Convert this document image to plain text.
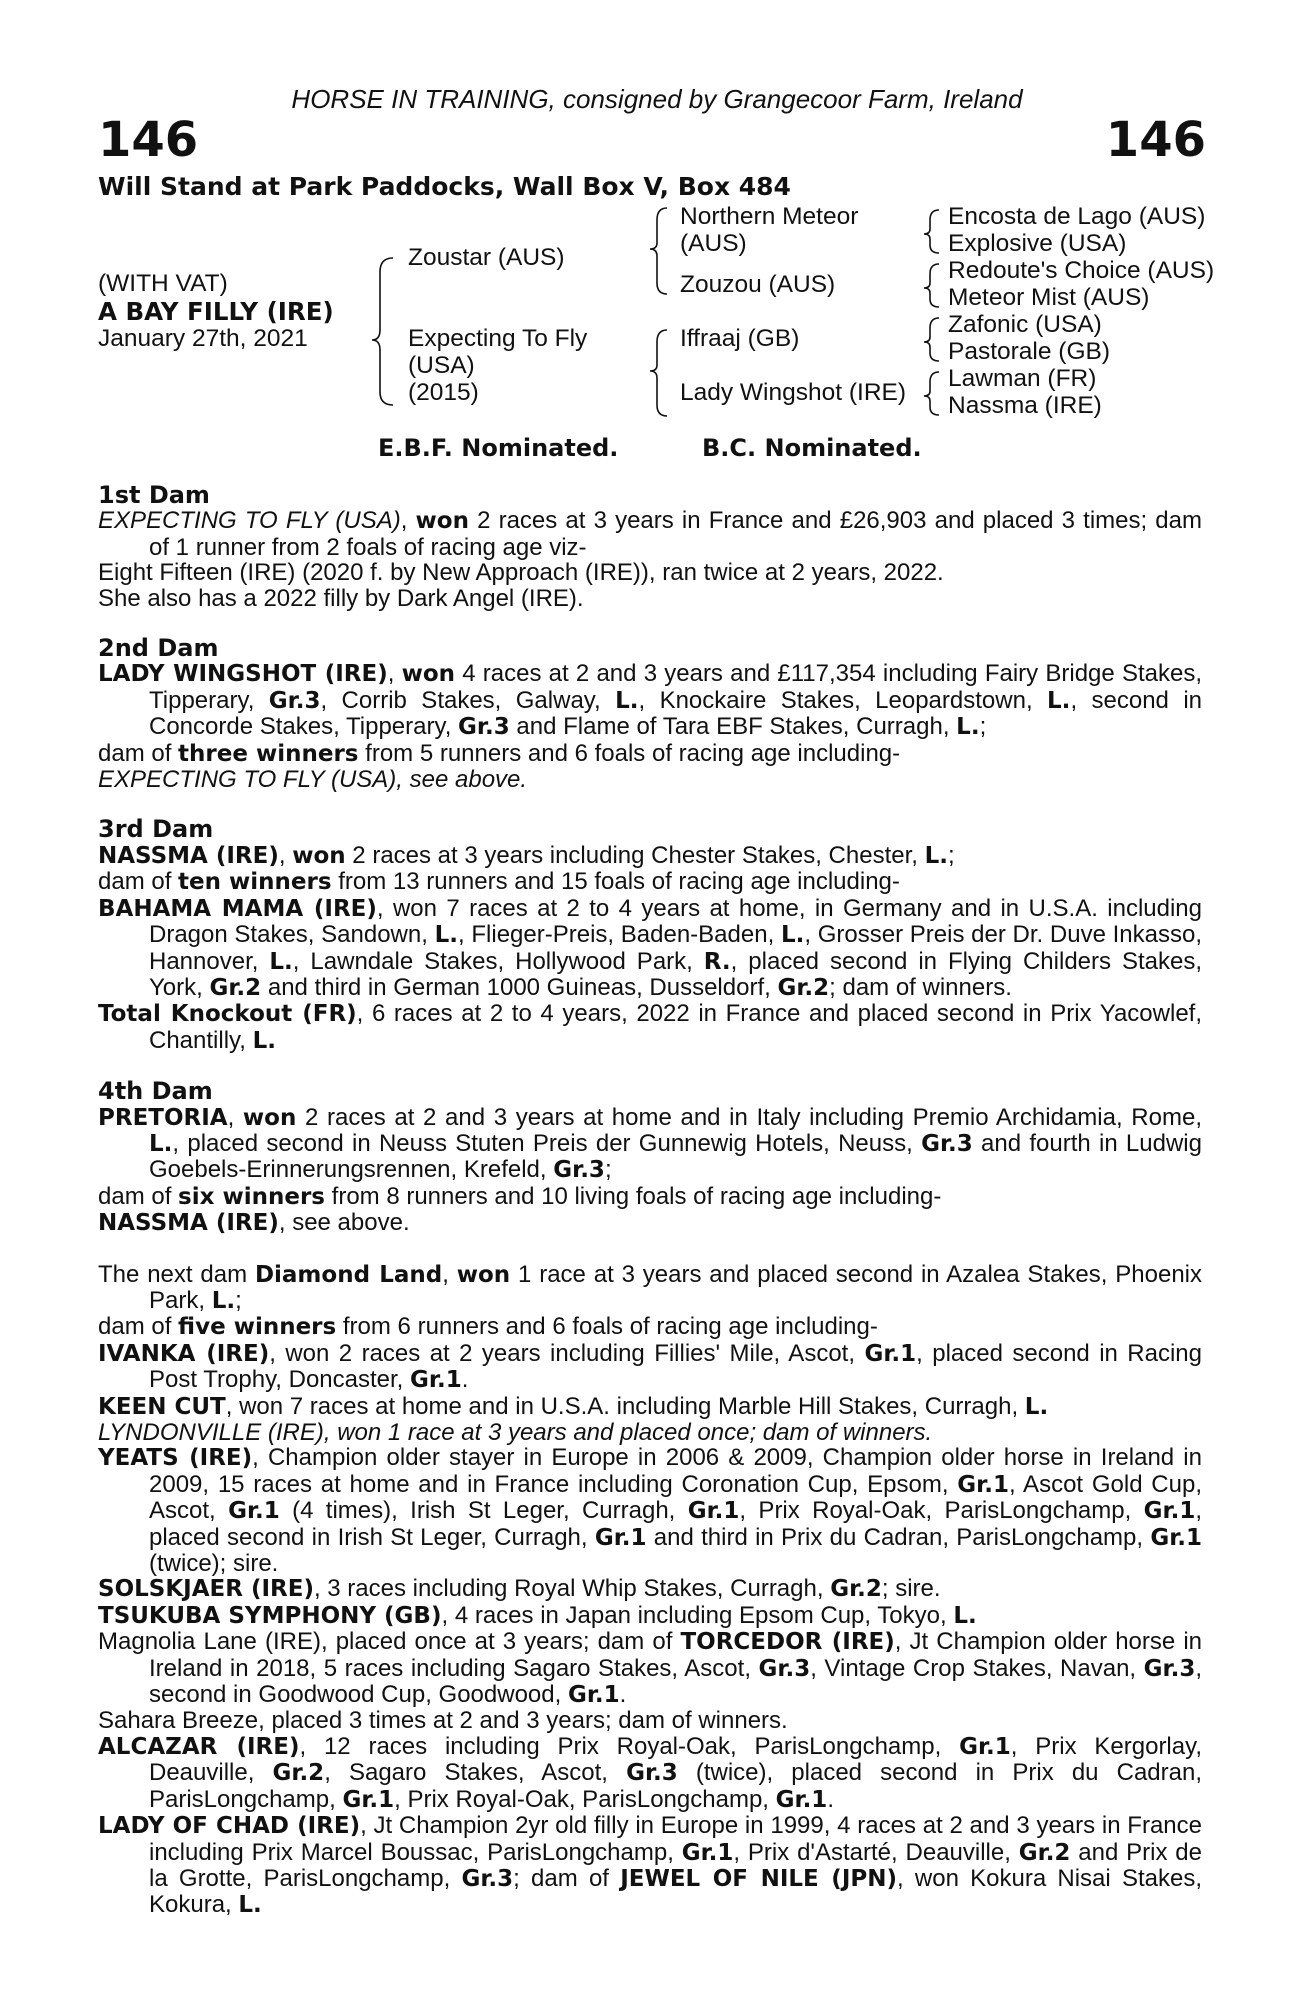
HORSE IN TRAINING, consigned by Grangecoor Farm, Ireland
146	146
Will Stand at Park Paddocks, Wall Box V, Box 484
(WITH VAT)
A BAY FILLY (IRE)
January 27th, 2021
Zoustar (AUS)
Expecting To Fly
(USA)
(2015)
Northern Meteor
(AUS)
Zouzou (AUS)
Iffraaj (GB)
Lady Wingshot (IRE)
Encosta de Lago (AUS)
Explosive (USA)
Redoute's Choice (AUS)
Meteor Mist (AUS)
Zafonic (USA)
Pastorale (GB)
Lawman (FR)
Nassma (IRE)
E.B.F. Nominated.	B.C. Nominated.
1st Dam

EXPECTING TO FLY (USA), won 2 races at 3 years in France and £26,903 and placed 3 times; dam of 1 runner from 2 foals of racing age viz-

Eight Fifteen (IRE) (2020 f. by New Approach (IRE)), ran twice at 2 years, 2022.

She also has a 2022 filly by Dark Angel (IRE).

2nd Dam

LADY WINGSHOT (IRE), won 4 races at 2 and 3 years and £117,354 including Fairy Bridge Stakes, Tipperary, Gr.3, Corrib Stakes, Galway, L., Knockaire Stakes, Leopardstown, L., second in Concorde Stakes, Tipperary, Gr.3 and Flame of Tara EBF Stakes, Curragh, L.;

dam of three winners from 5 runners and 6 foals of racing age including-

EXPECTING TO FLY (USA), see above.

3rd Dam

NASSMA (IRE), won 2 races at 3 years including Chester Stakes, Chester, L.;

dam of ten winners from 13 runners and 15 foals of racing age including-

BAHAMA MAMA (IRE), won 7 races at 2 to 4 years at home, in Germany and in U.S.A. including Dragon Stakes, Sandown, L., Flieger-Preis, Baden-Baden, L., Grosser Preis der Dr. Duve Inkasso, Hannover, L., Lawndale Stakes, Hollywood Park, R., placed second in Flying Childers Stakes, York, Gr.2 and third in German 1000 Guineas, Dusseldorf, Gr.2; dam of winners.

Total Knockout (FR), 6 races at 2 to 4 years, 2022 in France and placed second in Prix Yacowlef, Chantilly, L.

4th Dam

PRETORIA, won 2 races at 2 and 3 years at home and in Italy including Premio Archidamia, Rome, L., placed second in Neuss Stuten Preis der Gunnewig Hotels, Neuss, Gr.3 and fourth in Ludwig Goebels-Erinnerungsrennen, Krefeld, Gr.3;

dam of six winners from 8 runners and 10 living foals of racing age including-

NASSMA (IRE), see above.

The next dam Diamond Land, won 1 race at 3 years and placed second in Azalea Stakes, Phoenix Park, L.;

dam of five winners from 6 runners and 6 foals of racing age including-

IVANKA (IRE), won 2 races at 2 years including Fillies' Mile, Ascot, Gr.1, placed second in Racing Post Trophy, Doncaster, Gr.1.

KEEN CUT, won 7 races at home and in U.S.A. including Marble Hill Stakes, Curragh, L.

LYNDONVILLE (IRE), won 1 race at 3 years and placed once; dam of winners.

YEATS (IRE), Champion older stayer in Europe in 2006 & 2009, Champion older horse in Ireland in 2009, 15 races at home and in France including Coronation Cup, Epsom, Gr.1, Ascot Gold Cup, Ascot, Gr.1 (4 times), Irish St Leger, Curragh, Gr.1, Prix Royal-Oak, ParisLongchamp, Gr.1, placed second in Irish St Leger, Curragh, Gr.1 and third in Prix du Cadran, ParisLongchamp, Gr.1 (twice); sire.

SOLSKJAER (IRE), 3 races including Royal Whip Stakes, Curragh, Gr.2; sire.

TSUKUBA SYMPHONY (GB), 4 races in Japan including Epsom Cup, Tokyo, L.

Magnolia Lane (IRE), placed once at 3 years; dam of TORCEDOR (IRE), Jt Champion older horse in Ireland in 2018, 5 races including Sagaro Stakes, Ascot, Gr.3, Vintage Crop Stakes, Navan, Gr.3, second in Goodwood Cup, Goodwood, Gr.1.

Sahara Breeze, placed 3 times at 2 and 3 years; dam of winners.

ALCAZAR (IRE), 12 races including Prix Royal-Oak, ParisLongchamp, Gr.1, Prix Kergorlay, Deauville, Gr.2, Sagaro Stakes, Ascot, Gr.3 (twice), placed second in Prix du Cadran, ParisLongchamp, Gr.1, Prix Royal-Oak, ParisLongchamp, Gr.1.

LADY OF CHAD (IRE), Jt Champion 2yr old filly in Europe in 1999, 4 races at 2 and 3 years in France including Prix Marcel Boussac, ParisLongchamp, Gr.1, Prix d'Astarté, Deauville, Gr.2 and Prix de la Grotte, ParisLongchamp, Gr.3; dam of JEWEL OF NILE (JPN), won Kokura Nisai Stakes, Kokura, L.
